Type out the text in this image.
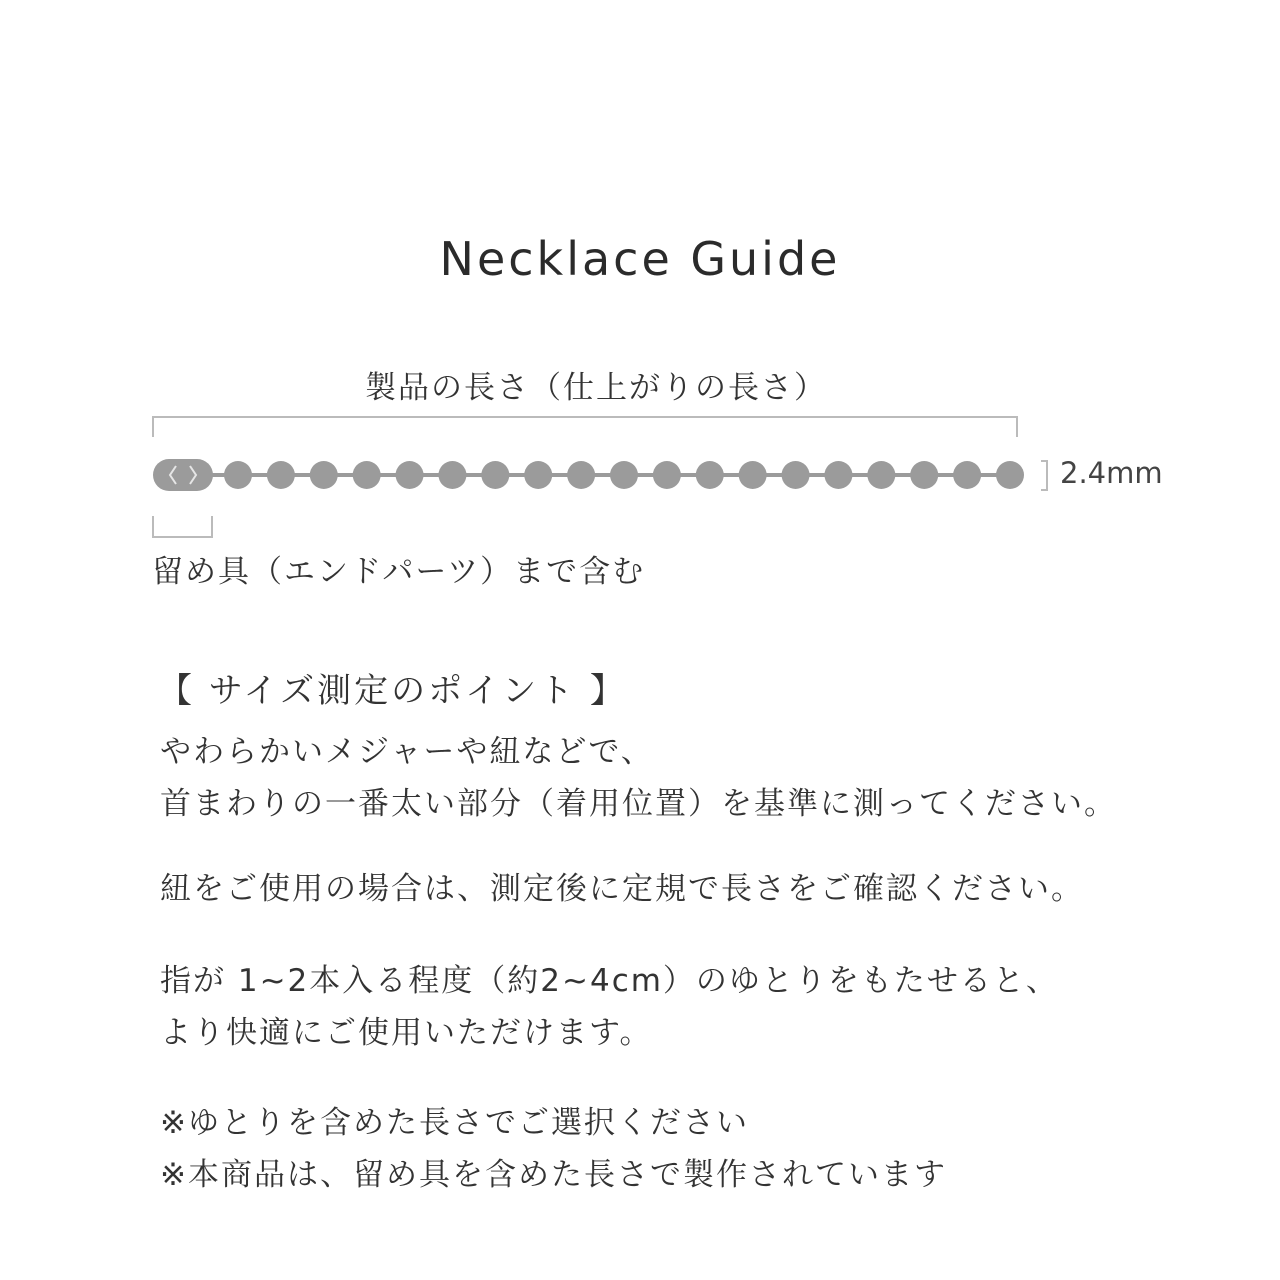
Necklace Guide
製品の長さ（仕上がりの長さ）
2.4mm
留め具（エンドパーツ）まで含む
【 サイズ測定のポイント 】

やわらかいメジャーや紐などで、
首まわりの一番太い部分（着用位置）を基準に測ってください。

紐をご使用の場合は、測定後に定規で長さをご確認ください。

指が 1~2本入る程度（約2~4cm）のゆとりをもたせると、
より快適にご使用いただけます。

※ゆとりを含めた長さでご選択ください
※本商品は、留め具を含めた長さで製作されています
